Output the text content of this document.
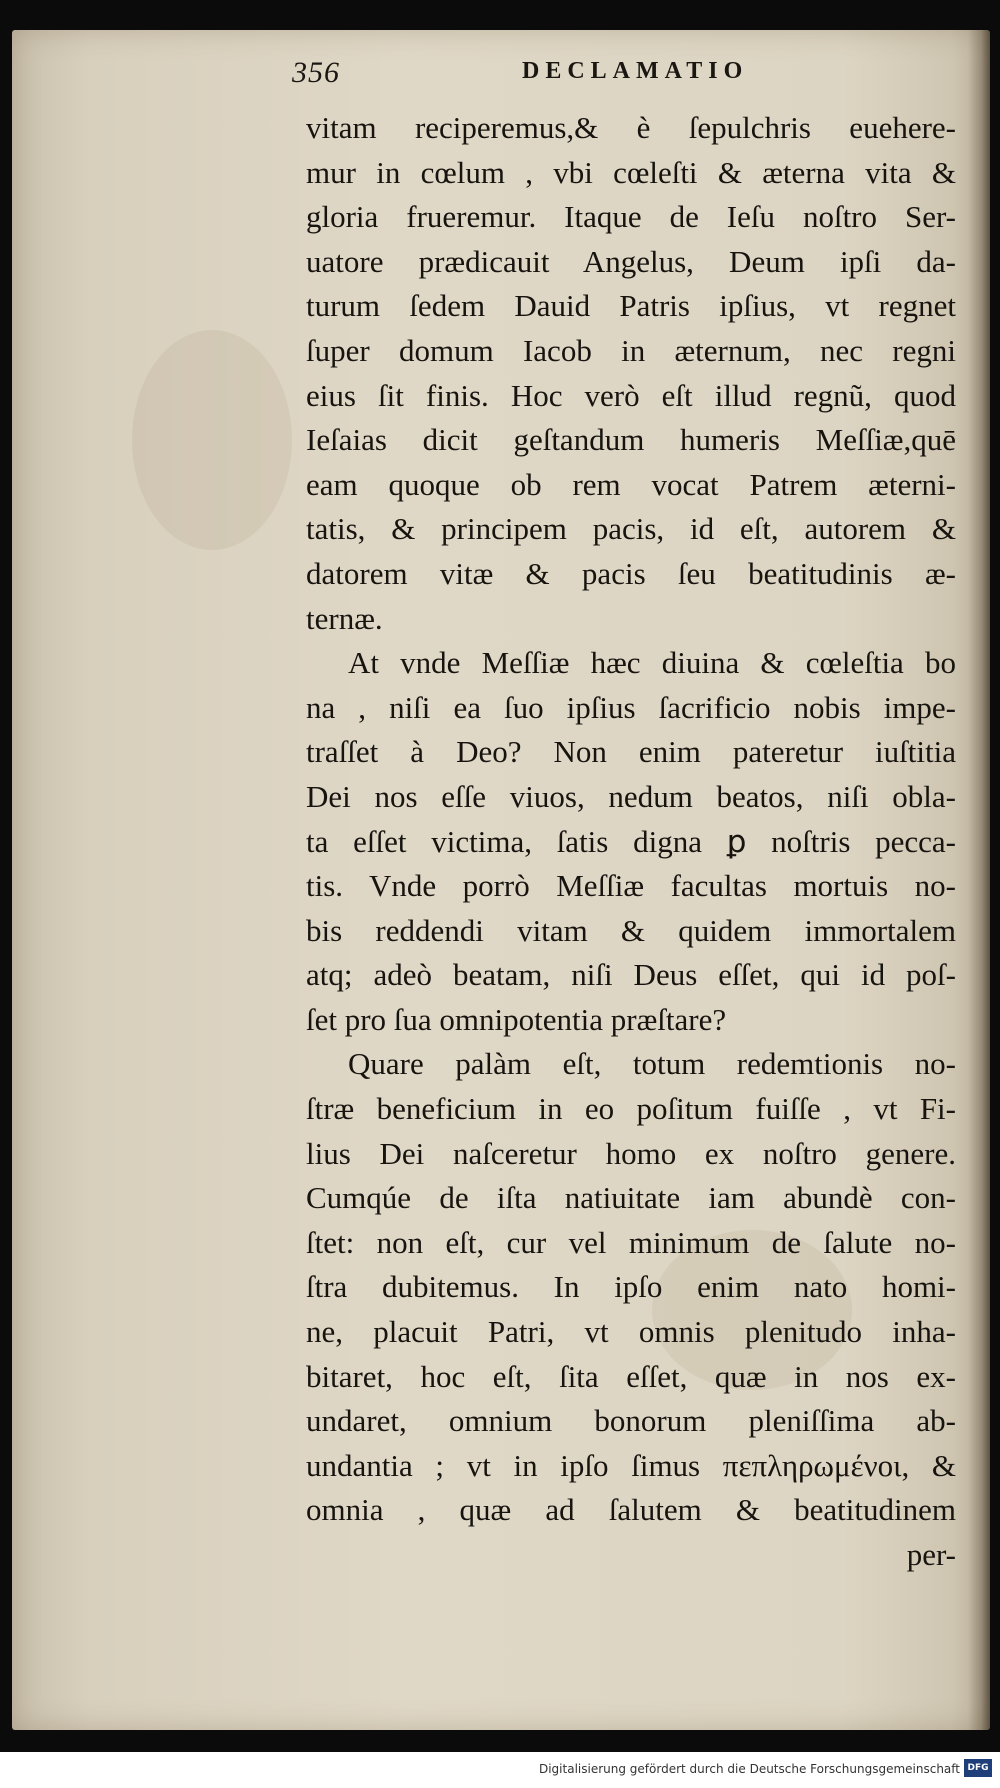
356	DECLAMATIO
vitam reciperemus,& è ſepulchris euehere-
mur in cœlum , vbi cœleſti & æterna vita &
gloria frueremur. Itaque de Ieſu noſtro Ser-
uatore prædicauit Angelus, Deum ipſi da-
turum ſedem Dauid Patris ipſius, vt regnet
ſuper domum Iacob in æternum, nec regni
eius ſit finis. Hoc verò eſt illud regnũ, quod
Ieſaias dicit geſtandum humeris Meſſiæ,quē
eam quoque ob rem vocat Patrem æterni-
tatis, & principem pacis, id eſt, autorem &
datorem vitæ & pacis ſeu beatitudinis æ-
ternæ.
At vnde Meſſiæ hæc diuina & cœleſtia bo
na , niſi ea ſuo ipſius ſacrificio nobis impe-
traſſet à Deo? Non enim pateretur iuſtitia
Dei nos eſſe viuos, nedum beatos, niſi obla-
ta eſſet victima, ſatis digna ꝑ noſtris pecca-
tis. Vnde porrò Meſſiæ facultas mortuis no-
bis reddendi vitam & quidem immortalem
atq; adeò beatam, niſi Deus eſſet, qui id poſ-
ſet pro ſua omnipotentia præſtare?
Quare palàm eſt, totum redemtionis no-
ſtræ beneficium in eo poſitum fuiſſe , vt Fi-
lius Dei naſceretur homo ex noſtro genere.
Cumqúe de iſta natiuitate iam abundè con-
ſtet: non eſt, cur vel minimum de ſalute no-
ſtra dubitemus. In ipſo enim nato homi-
ne, placuit Patri, vt omnis plenitudo inha-
bitaret, hoc eſt, ſita eſſet, quæ in nos ex-
undaret, omnium bonorum pleniſſima ab-
undantia ; vt in ipſo ſimus πεπληρωμένοι, &
omnia , quæ ad ſalutem & beatitudinem
per-
Digitalisierung gefördert durch die Deutsche Forschungsgemeinschaft DFG
